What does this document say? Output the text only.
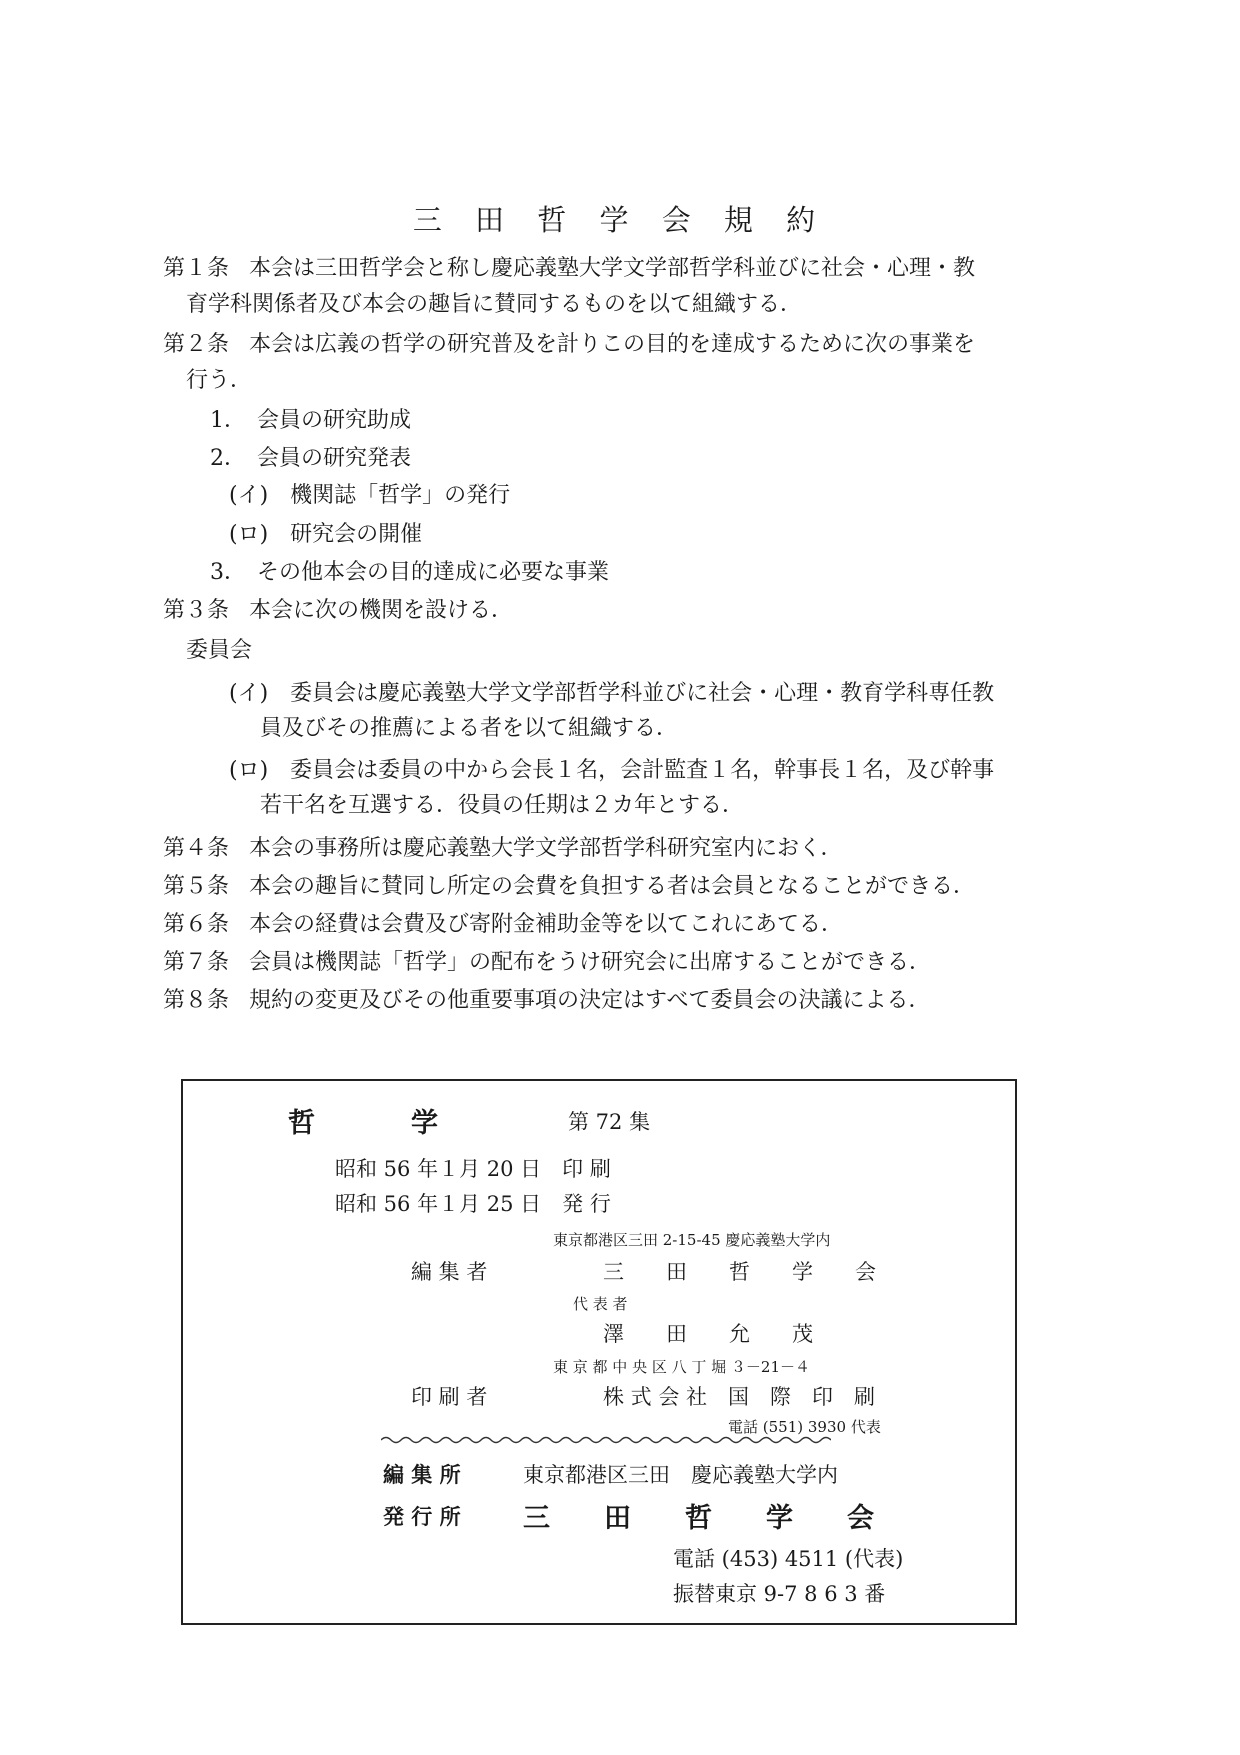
三 田 哲 学 会 規 約
第１条 本会は三田哲学会と称し慶応義塾大学文学部哲学科並びに社会・心理・教
育学科関係者及び本会の趣旨に賛同するものを以て組織する．
第２条 本会は広義の哲学の研究普及を計りこの目的を達成するために次の事業を
行う．
1．　会員の研究助成
2．　会員の研究発表
(イ)　機関誌「哲学」の発行
(ロ)　研究会の開催
3．　その他本会の目的達成に必要な事業
第３条 本会に次の機関を設ける．
委員会
(イ)　委員会は慶応義塾大学文学部哲学科並びに社会・心理・教育学科専任教
員及びその推薦による者を以て組織する．
(ロ)　委員会は委員の中から会長１名，会計監査１名，幹事長１名，及び幹事
若干名を互選する．役員の任期は２カ年とする．
第４条 本会の事務所は慶応義塾大学文学部哲学科研究室内におく．
第５条 本会の趣旨に賛同し所定の会費を負担する者は会員となることができる．
第６条 本会の経費は会費及び寄附金補助金等を以てこれにあてる．
第７条 会員は機関誌「哲学」の配布をうけ研究会に出席することができる．
第８条 規約の変更及びその他重要事項の決定はすべて委員会の決議による．
哲	学	第 72 集
昭和 56 年１月 20 日　印 刷
昭和 56 年１月 25 日　発 行
東京都港区三田 2-15-45 慶応義塾大学内
編 集 者	三　　田　　哲　　学　　会
代 表 者
澤　　田　　允　　茂
東 京 都 中 央 区 八 丁 堀 ３－21－４
印 刷 者	株 式 会 社　国　際　印　刷
電話 (551) 3930 代表
編 集 所	東京都港区三田　慶応義塾大学内
発 行 所 三　　田　　哲　　学　　会
電話 (453) 4511 (代表)
振替東京 9-7 8 6 3 番
